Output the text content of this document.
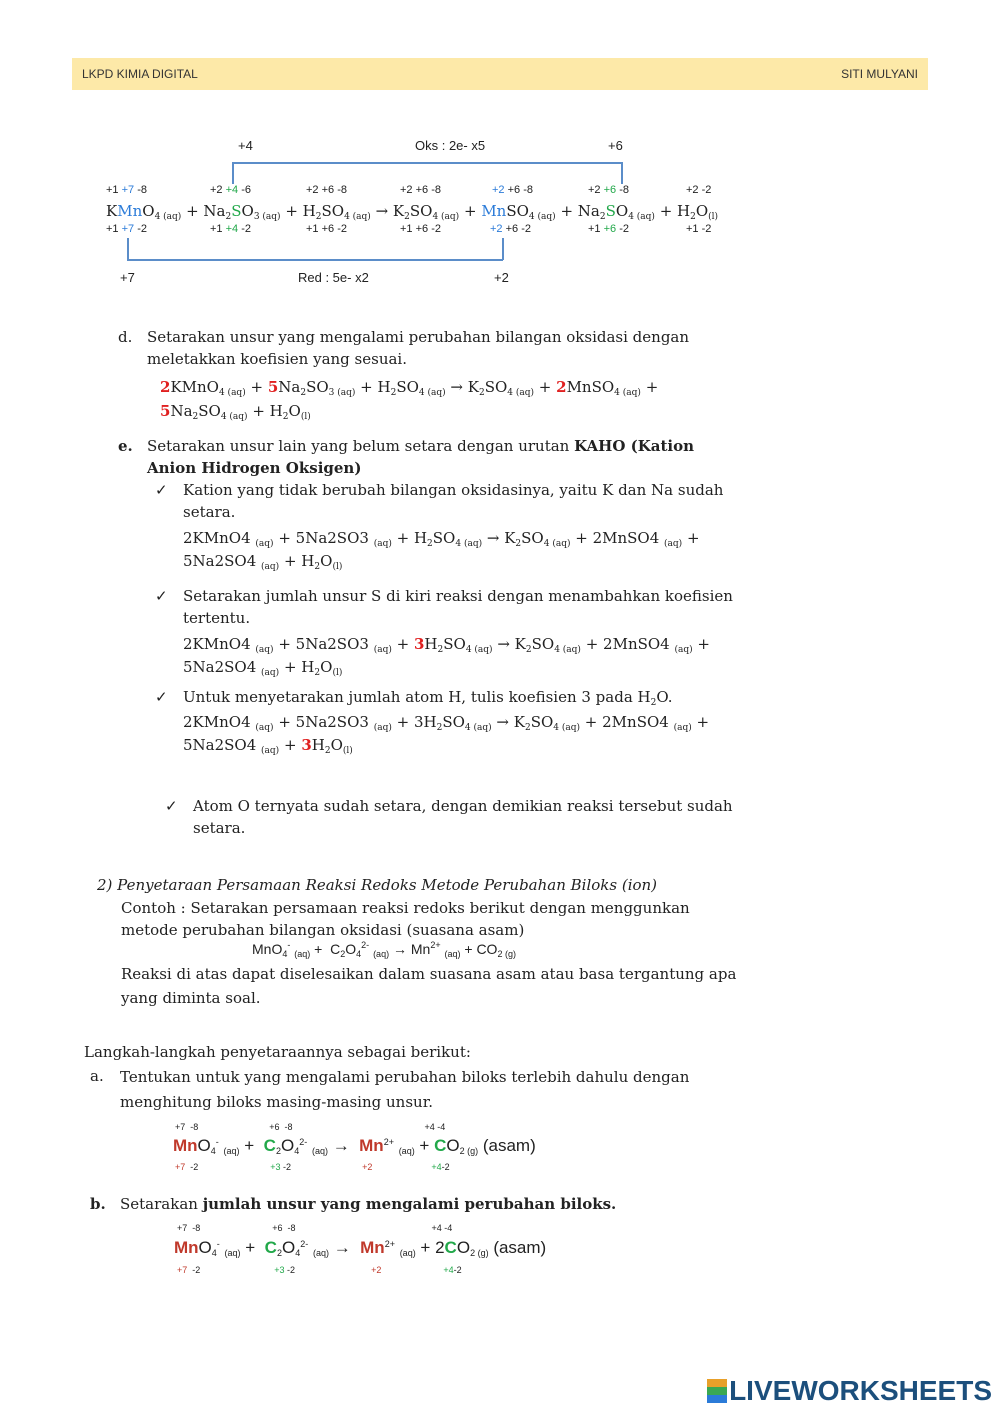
LKPD KIMIA DIGITAL	SITI MULYANI
+4	Oks : 2e- x5	+6
+1 +7 -8	+2 +4 -6	+2 +6 -8	+2 +6 -8	+2 +6 -8	+2 +6 -8	+2 -2
KMnO$_{4 (aq)}$ + $Na_2SO_{3 (aq)} + H_2SO_{4 (aq)} \to K_2SO_{4 (aq)}$ + MnSO$_{4 (aq)}$ + $Na_2SO_{4 (aq)} + H_2O_{(l)}$
+1 +7 -2	+1 +4 -2	+1 +6 -2	+1 +6 -2	+2 +6 -2	+1 +6 -2	+1 -2
+7	Red : 5e- x2	+2
d. Setarakan unsur yang mengalami perubahan bilangan oksidasi dengan
meletakkan koefisien yang sesuai.
2KMnO$_{4 (aq)}$ + $5Na_2SO_{3 (aq)} + H_2SO_{4 (aq)} \to K_2SO_{4 (aq)}$ + 2MnSO$_{4 (aq)}$ +
$5Na_2SO_{4 (aq)} + H_2O_{(l)}$
e. Setarakan unsur lain yang belum setara dengan urutan KAHO (Kation
Anion Hidrogen Oksigen)
✓ Kation yang tidak berubah bilangan oksidasinya, yaitu K dan Na sudah
setara.
2KMnO4 $_{(aq)}$ + 5Na2SO3 $_{(aq)} + H_2SO_{4 (aq)} \to K_2SO_{4 (aq)}$ + 2MnSO4 $_{(aq)}$ +
5Na2SO4 $_{(aq)} + H_2O_{(l)}$
✓ Setarakan jumlah unsur S di kiri reaksi dengan menambahkan koefisien
tertentu.
2KMnO4 $_{(aq)}$ + 5Na2SO3 $_{(aq)} + 3H_2SO_{4 (aq)} \to K_2SO_{4 (aq)}$ + 2MnSO4 $_{(aq)}$ +
5Na2SO4 $_{(aq)} + H_2O_{(l)}$
✓ Untuk menyetarakan jumlah atom H, tulis koefisien 3 pada $H_2O$.
2KMnO4 $_{(aq)}$ + 5Na2SO3 $_{(aq)} + 3H_2SO_{4 (aq)} \to K_2SO_{4 (aq)}$ + 2MnSO4 $_{(aq)}$ +
5Na2SO4 $_{(aq)} + 3H_2O_{(l)}$
✓ Atom O ternyata sudah setara, dengan demikian reaksi tersebut sudah
setara.
2) Penyetaraan Persamaan Reaksi Redoks Metode Perubahan Biloks (ion)
Contoh : Setarakan persamaan reaksi redoks berikut dengan menggunkan
metode perubahan bilangan oksidasi (suasana asam)
MnO$_4$- $_{(aq)} + C_2O_4^{2-}$ $_{(aq)} \to Mn^{2+}$ $_{(aq)} + CO_{2 (g)}$
Reaksi di atas dapat diselesaikan dalam suasana asam atau basa tergantung apa
yang diminta soal.
Langkah-langkah penyetaraannya sebagai berikut:
a. Tentukan untuk yang mengalami perubahan biloks terlebih dahulu dengan
menghitung biloks masing-masing unsur.
+7  -8	+6  -8	+4 -4
MnO$_4$- $_{(aq)} + C_2O_4^{2-}$ $_{(aq)} \to Mn^{2+}$ $_{(aq)} + CO_{2 (g)}$ (asam)
+7  -2	+3 -2	+2	+4-2
b. Setarakan jumlah unsur yang mengalami perubahan biloks.
+7  -8	+6  -8	+4 -4
MnO$_4$- $_{(aq)} + C_2O_4^{2-}$ $_{(aq)} \to Mn^{2+}$ $_{(aq)} + 2CO_{2 (g)}$ (asam)
+7  -2	+3 -2	+2	+4-2
LIVEWORKSHEETS
